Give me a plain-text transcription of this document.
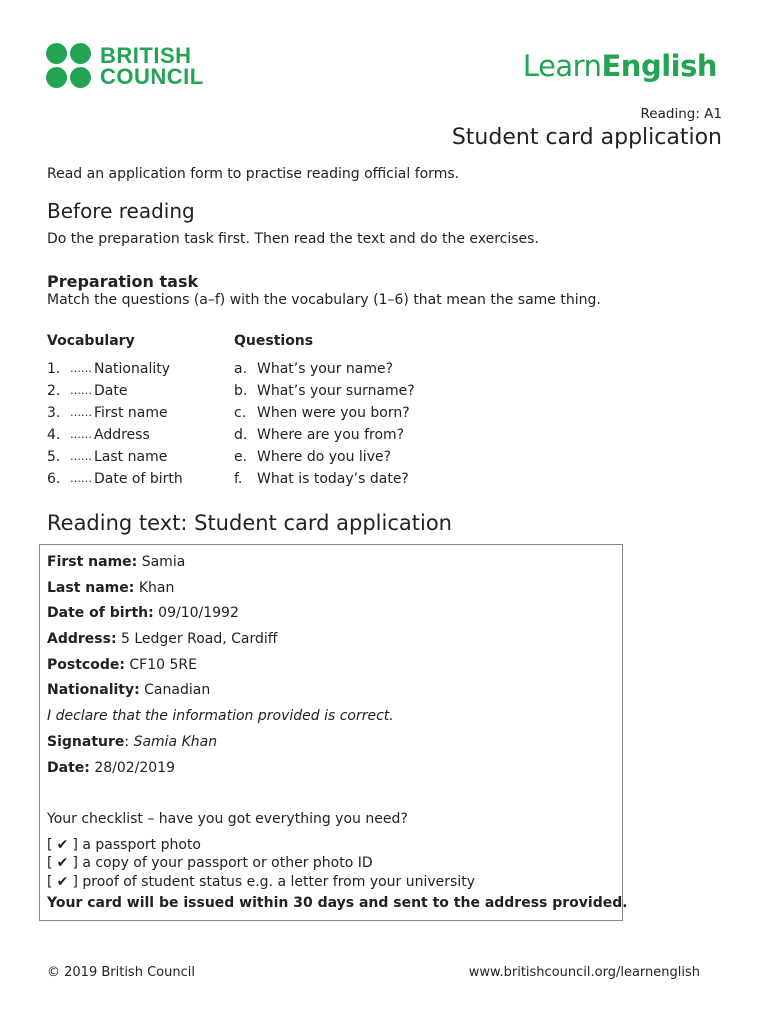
BRITISH
COUNCIL	LearnEnglish
Reading: A1
Student card application
Read an application form to practise reading official forms.
Before reading
Do the preparation task first. Then read the text and do the exercises.
Preparation task
Match the questions (a–f) with the vocabulary (1–6) that mean the same thing.
Vocabulary
1. …… Nationality
2. …… Date
3. …… First name
4. …… Address
5. …… Last name
6. …… Date of birth
Questions
a. What’s your name?
b. What’s your surname?
c. When were you born?
d. Where are you from?
e. Where do you live?
f.	What is today’s date?
Reading text: Student card application
First name: Samia
Last name: Khan
Date of birth: 09/10/1992
Address: 5 Ledger Road, Cardiff
Postcode: CF10 5RE
Nationality: Canadian
I declare that the information provided is correct.
Signature: Samia Khan
Date: 28/02/2019
Your checklist – have you got everything you need?
[ ✔ ]
a passport photo
[ ✔ ]
a copy of your passport or other photo ID
[ ✔ ]
proof of student status e.g. a letter from your university
Your card will be issued within 30 days and sent to the address provided.
© 2019 British Council	www.britishcouncil.org/learnenglish
